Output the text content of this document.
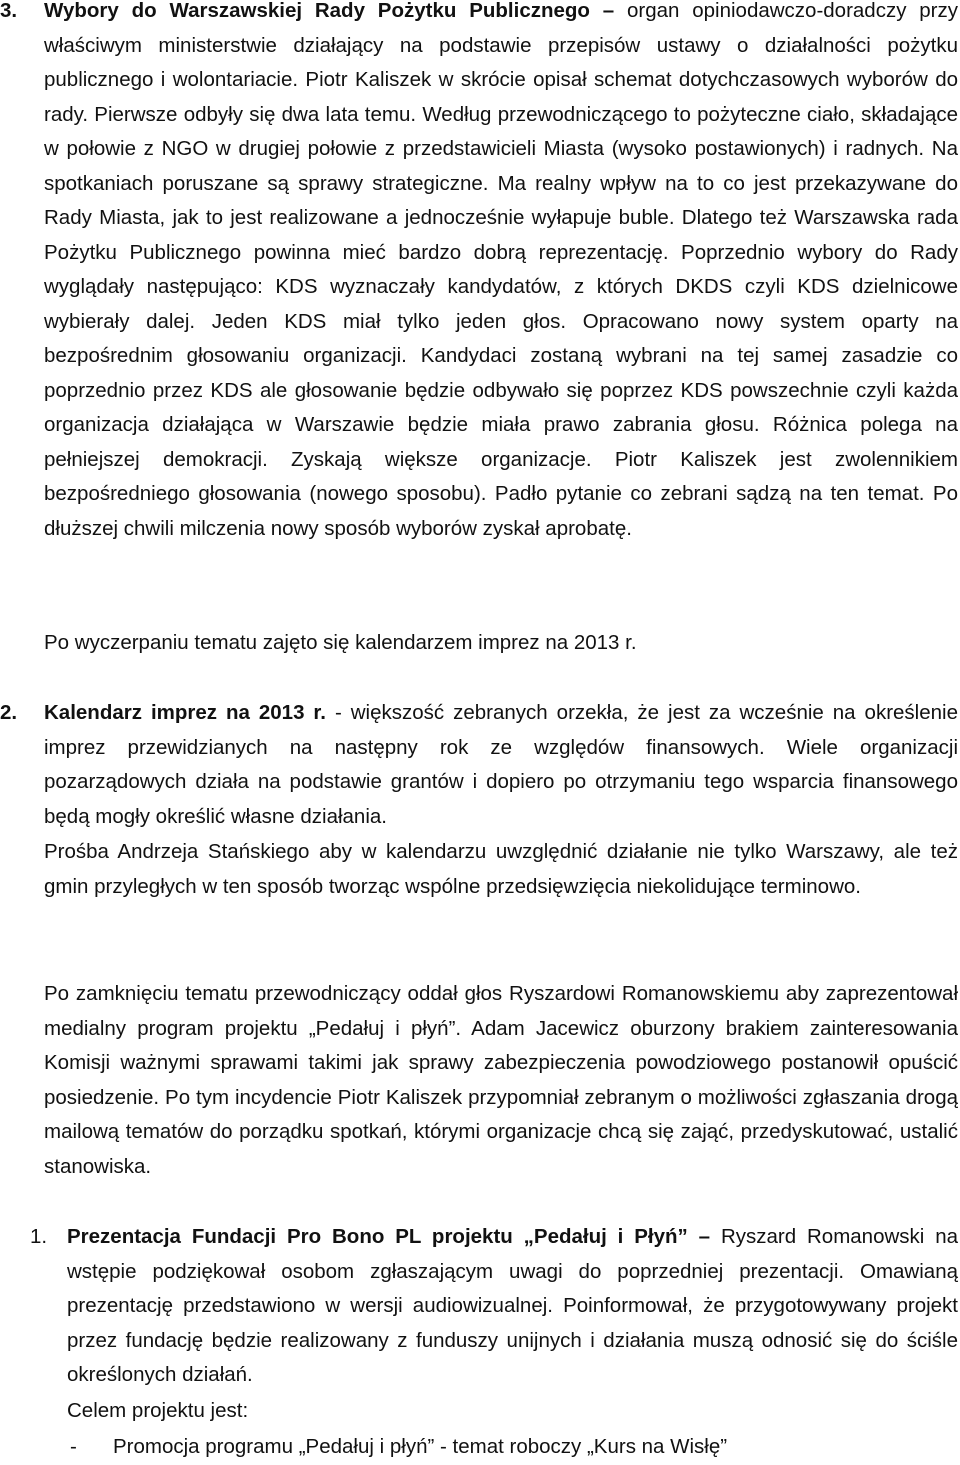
3. Wybory do Warszawskiej Rady Pożytku Publicznego – organ opiniodawczo-doradczy przy właściwym ministerstwie działający na podstawie przepisów ustawy o działalności pożytku publicznego i wolontariacie. Piotr Kaliszek w skrócie opisał schemat dotychczasowych wyborów do rady. Pierwsze odbyły się dwa lata temu. Według przewodniczącego to pożyteczne ciało, składające w połowie z NGO w drugiej połowie z przedstawicieli Miasta (wysoko postawionych) i radnych. Na spotkaniach poruszane są sprawy strategiczne. Ma realny wpływ na to co jest przekazywane do Rady Miasta, jak to jest realizowane a jednocześnie wyłapuje buble. Dlatego też Warszawska rada Pożytku Publicznego powinna mieć bardzo dobrą reprezentację. Poprzednio wybory do Rady wyglądały następująco: KDS wyznaczały kandydatów, z których DKDS czyli KDS dzielnicowe wybierały dalej. Jeden KDS miał tylko jeden głos. Opracowano nowy system oparty na bezpośrednim głosowaniu organizacji. Kandydaci zostaną wybrani na tej samej zasadzie co poprzednio przez KDS ale głosowanie będzie odbywało się poprzez KDS powszechnie czyli każda organizacja działająca w Warszawie będzie miała prawo zabrania głosu. Różnica polega na pełniejszej demokracji. Zyskają większe organizacje. Piotr Kaliszek jest zwolennikiem bezpośredniego głosowania (nowego sposobu). Padło pytanie co zebrani sądzą na ten temat. Po dłuższej chwili milczenia nowy sposób wyborów zyskał aprobatę.

Po wyczerpaniu tematu zajęto się kalendarzem imprez na 2013 r.

2. Kalendarz imprez na 2013 r. - większość zebranych orzekła, że jest za wcześnie na określenie imprez przewidzianych na następny rok ze względów finansowych. Wiele organizacji pozarządowych działa na podstawie grantów i dopiero po otrzymaniu tego wsparcia finansowego będą mogły określić własne działania.

Prośba Andrzeja Stańskiego aby w kalendarzu uwzględnić działanie nie tylko Warszawy, ale też gmin przyległych w ten sposób tworząc wspólne przedsięwzięcia niekolidujące terminowo.

Po zamknięciu tematu przewodniczący oddał głos Ryszardowi Romanowskiemu aby zaprezentował medialny program projektu „Pedałuj i płyń”. Adam Jacewicz oburzony brakiem zainteresowania Komisji ważnymi sprawami takimi jak sprawy zabezpieczenia powodziowego postanowił opuścić posiedzenie. Po tym incydencie Piotr Kaliszek przypomniał zebranym o możliwości zgłaszania drogą mailową tematów do porządku spotkań, którymi organizacje chcą się zająć, przedyskutować, ustalić stanowiska.

1. Prezentacja Fundacji Pro Bono PL projektu „Pedałuj i Płyń” – Ryszard Romanowski na wstępie podziękował osobom zgłaszającym uwagi do poprzedniej prezentacji. Omawianą prezentację przedstawiono w wersji audiowizualnej. Poinformował, że przygotowywany projekt przez fundację będzie realizowany z funduszy unijnych i działania muszą odnosić się do ściśle określonych działań.

Celem projektu jest:

- Promocja programu „Pedałuj i płyń” - temat roboczy „Kurs na Wisłę”
